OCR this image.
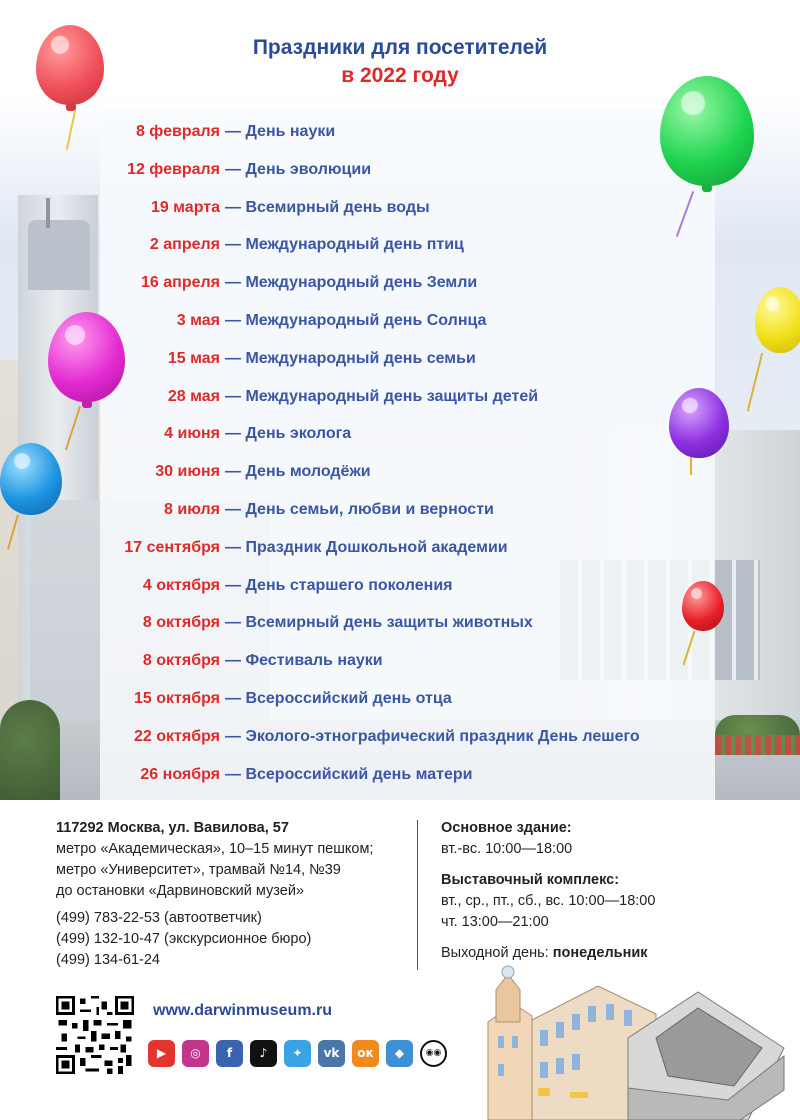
Праздники для посетителей
в 2022 году
8 февраля — День науки
12 февраля — День эволюции
19 марта — Всемирный день воды
2 апреля — Международный день птиц
16 апреля — Международный день Земли
3 мая — Международный день Солнца
15 мая — Международный день семьи
28 мая — Международный день защиты детей
4 июня — День эколога
30 июня — День молодёжи
8 июля — День семьи, любви и верности
17 сентября — Праздник Дошкольной академии
4 октября — День старшего поколения
8 октября — Всемирный день защиты животных
8 октября — Фестиваль науки
15 октября — Всероссийский день отца
22 октября — Эколого-этнографический праздник День лешего
26 ноября — Всероссийский день матери
117292 Москва, ул. Вавилова, 57
метро «Академическая», 10–15 минут пешком;
метро «Университет», трамвай №14, №39
до остановки «Дарвиновский музей»
(499) 783-22-53 (автоответчик)
(499) 132-10-47 (экскурсионное бюро)
(499) 134-61-24
Основное здание:
вт.-вс. 10:00—18:00
Выставочный комплекс:
вт., ср., пт., сб., вс. 10:00—18:00
чт. 13:00—21:00
Выходной день: понедельник
www.darwinmuseum.ru
▶	◎	f	♪	✦	vk	ок	◆	◉◉
